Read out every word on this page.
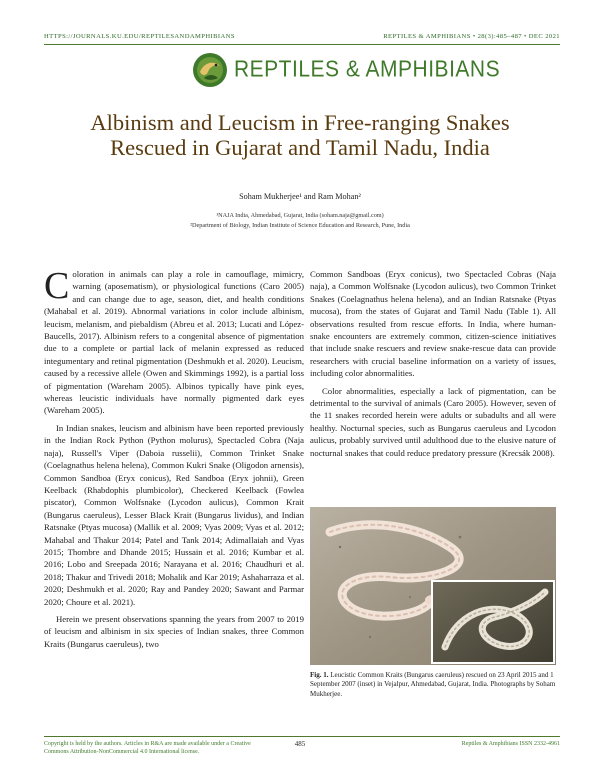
HTTPS://JOURNALS.KU.EDU/REPTILESANDAMPHIBIANS	REPTILES & AMPHIBIANS • 28(3):485–487 • DEC 2021
REPTILES & AMPHIBIANS
Albinism and Leucism in Free-ranging Snakes Rescued in Gujarat and Tamil Nadu, India
Soham Mukherjee¹ and Ram Mohan²
¹NAJA India, Ahmedabad, Gujarat, India (soham.naja@gmail.com)
²Department of Biology, Indian Institute of Science Education and Research, Pune, India

Coloration in animals can play a role in camouflage, mimicry, warning (aposematism), or physiological functions (Caro 2005) and can change due to age, season, diet, and health conditions (Mahabal et al. 2019). Abnormal variations in color include albinism, leucism, melanism, and piebaldism (Abreu et al. 2013; Lucati and López-Baucells, 2017). Albinism refers to a congenital absence of pigmentation due to a complete or partial lack of melanin expressed as reduced integumentary and retinal pigmentation (Deshmukh et al. 2020). Leucism, caused by a recessive allele (Owen and Skimmings 1992), is a partial loss of pigmentation (Wareham 2005). Albinos typically have pink eyes, whereas leucistic individuals have normally pigmented dark eyes (Wareham 2005).

In Indian snakes, leucism and albinism have been reported previously in the Indian Rock Python (Python molurus), Spectacled Cobra (Naja naja), Russell's Viper (Daboia russelii), Common Trinket Snake (Coelagnathus helena helena), Common Kukri Snake (Oligodon arnensis), Common Sandboa (Eryx conicus), Red Sandboa (Eryx johnii), Green Keelback (Rhabdophis plumbicolor), Checkered Keelback (Fowlea piscator), Common Wolfsnake (Lycodon aulicus), Common Krait (Bungarus caeruleus), Lesser Black Krait (Bungarus lividus), and Indian Ratsnake (Ptyas mucosa) (Mallik et al. 2009; Vyas 2009; Vyas et al. 2012; Mahabal and Thakur 2014; Patel and Tank 2014; Adimallaiah and Vyas 2015; Thombre and Dhande 2015; Hussain et al. 2016; Kumbar et al. 2016; Lobo and Sreepada 2016; Narayana et al. 2016; Chaudhuri et al. 2018; Thakur and Trivedi 2018; Mohalik and Kar 2019; Ashaharraza et al. 2020; Deshmukh et al. 2020; Ray and Pandey 2020; Sawant and Parmar 2020; Choure et al. 2021).

Herein we present observations spanning the years from 2007 to 2019 of leucism and albinism in six species of Indian snakes, three Common Kraits (Bungarus caeruleus), two

Common Sandboas (Eryx conicus), two Spectacled Cobras (Naja naja), a Common Wolfsnake (Lycodon aulicus), two Common Trinket Snakes (Coelagnathus helena helena), and an Indian Ratsnake (Ptyas mucosa), from the states of Gujarat and Tamil Nadu (Table 1). All observations resulted from rescue efforts. In India, where human-snake encounters are extremely common, citizen-science initiatives that include snake rescuers and review snake-rescue data can provide researchers with crucial baseline information on a variety of issues, including color abnormalities.

Color abnormalities, especially a lack of pigmentation, can be detrimental to the survival of animals (Caro 2005). However, seven of the 11 snakes recorded herein were adults or subadults and all were healthy. Nocturnal species, such as Bungarus caeruleus and Lycodon aulicus, probably survived until adulthood due to the elusive nature of nocturnal snakes that could reduce predatory pressure (Krecsák 2008).

Fig. 1. Leucistic Common Kraits (Bungarus caeruleus) rescued on 23 April 2015 and 1 September 2007 (inset) in Vejalpur, Ahmedabad, Gujarat, India. Photographs by Soham Mukherjee.
Copyright is held by the authors. Articles in R&A are made available under a Creative Commons Attribution-NonCommercial 4.0 International license.
485	Reptiles & Amphibians ISSN 2332-4961
